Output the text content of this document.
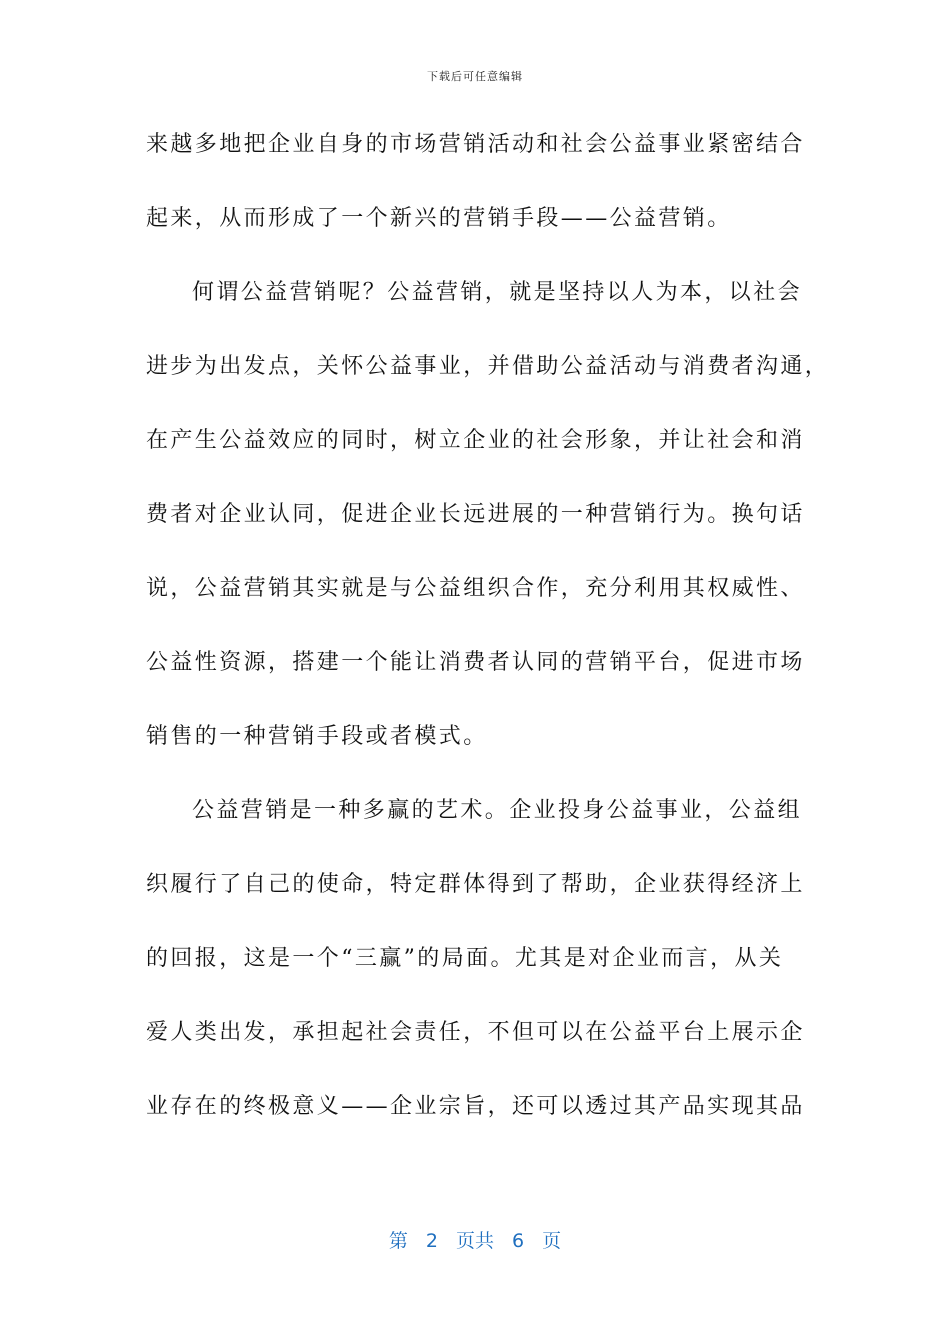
下载后可任意编辑
来越多地把企业自身的市场营销活动和社会公益事业紧密结合
起来，从而形成了一个新兴的营销手段——公益营销。
何谓公益营销呢？公益营销，就是坚持以人为本，以社会
进步为出发点，关怀公益事业，并借助公益活动与消费者沟通，
在产生公益效应的同时，树立企业的社会形象，并让社会和消
费者对企业认同，促进企业长远进展的一种营销行为。换句话
说，公益营销其实就是与公益组织合作，充分利用其权威性、
公益性资源，搭建一个能让消费者认同的营销平台，促进市场
销售的一种营销手段或者模式。
公益营销是一种多赢的艺术。企业投身公益事业，公益组
织履行了自己的使命，特定群体得到了帮助，企业获得经济上
的回报，这是一个“三赢”的局面。尤其是对企业而言，从关
爱人类出发，承担起社会责任，不但可以在公益平台上展示企
业存在的终极意义——企业宗旨，还可以透过其产品实现其品
第 2 页共 6 页
